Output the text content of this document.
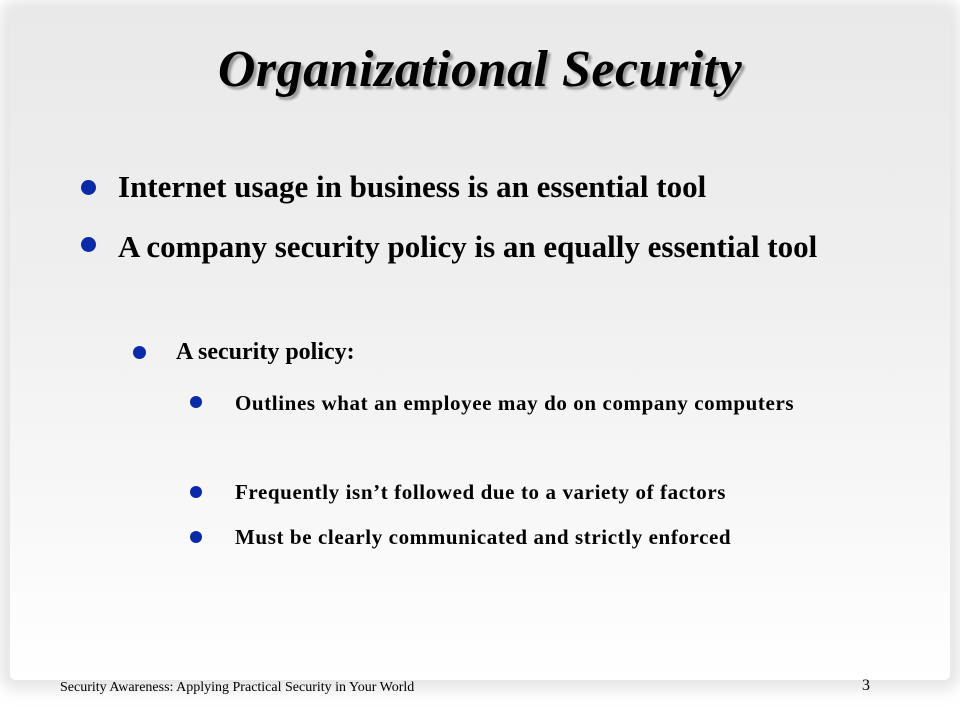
Organizational Security
Internet usage in business is an essential tool
A company security policy is an equally essential tool
A security policy:
Outlines what an employee may do on company computers
Frequently isn’t followed due to a variety of factors
Must be clearly communicated and strictly enforced
Security Awareness: Applying Practical Security in Your World	3
